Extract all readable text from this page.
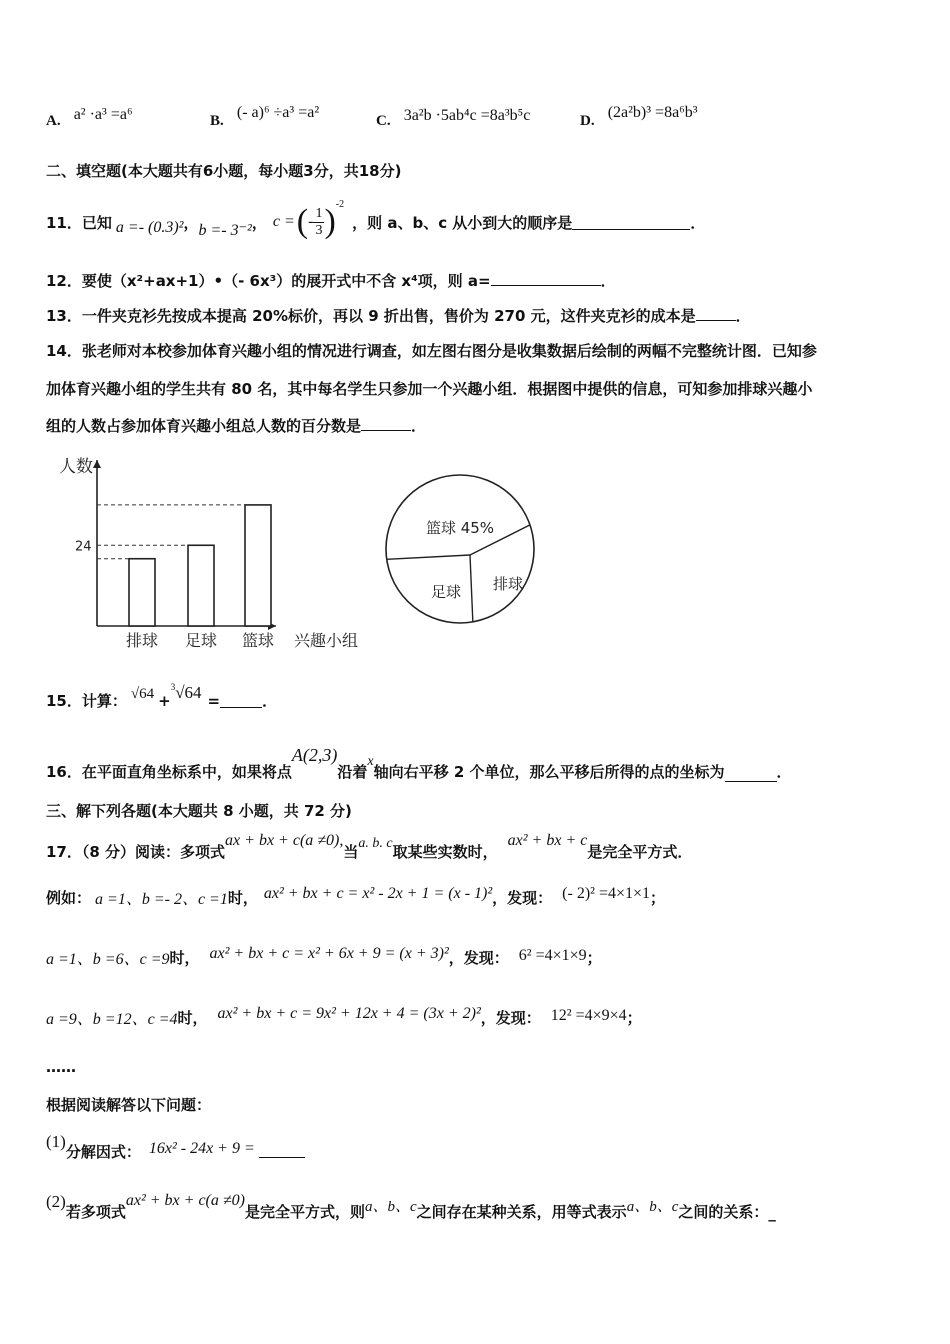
A. a² ·a³ =a⁶	B. (- a)⁶ ÷a³ =a²	C. 3a²b ·5ab⁴c =8a³b⁵c	D. (2a²b)³ =8a⁶b³
二、填空题(本大题共有6小题，每小题3分，共18分)
11． 已知 a =- (0.3)² ， b =- 3⁻² ， c = ( - $\frac{1}{3}$ ) -2
，则 a、b、c 从小到大的顺序是	．
12．要使（x²+ax+1）•（- 6x³）的展开式中不含 x⁴项，则 a=	．
13．一件夹克衫先按成本提高 20%标价，再以 9 折出售，售价为 270 元，这件夹克衫的成本是	．
14．张老师对本校参加体育兴趣小组的情况进行调查，如左图右图分是收集数据后绘制的两幅不完整统计图．已知参
加体育兴趣小组的学生共有 80 名，其中每名学生只参加一个兴趣小组．根据图中提供的信息，可知参加排球兴趣小
组的人数占参加体育兴趣小组总人数的百分数是	．
人数
24
排球 足球 篮球 兴趣小组
篮球 45%
排球
足球
15．计算： √64 +
3 √64 =	．
16．在平面直角坐标系中，如果将点
A(2,3)
沿着
x
轴向右平移 2 个单位，那么平移后所得的点的坐标为	．
三、解下列各题(本大题共 8 小题，共 72 分)
17．（8 分）阅读：多项式
ax + bx + c(a ≠0),
当 a. b. c 取某些实数时，
ax² + bx + c
是完全平方式．
例如： a =1、b =- 2、c =1 时， ax² + bx + c = x² - 2x + 1 = (x - 1)² ，发现： (- 2)² =4×1×1 ；
a =1、b =6、c =9 时， ax² + bx + c = x² + 6x + 9 = (x + 3)² ，发现： 6² =4×1×9 ；
a =9、b =12、c =4 时， ax² + bx + c = 9x² + 12x + 4 = (3x + 2)² ，发现： 12² =4×9×4 ；
……
根据阅读解答以下问题：
(1)
分解因式： 16x² - 24x + 9 =
(2)
若多项式
ax² + bx + c(a ≠0)
是完全平方式，则 a、b、c 之间存在某种关系，用等式表示 a、b、c 之间的关系： _
